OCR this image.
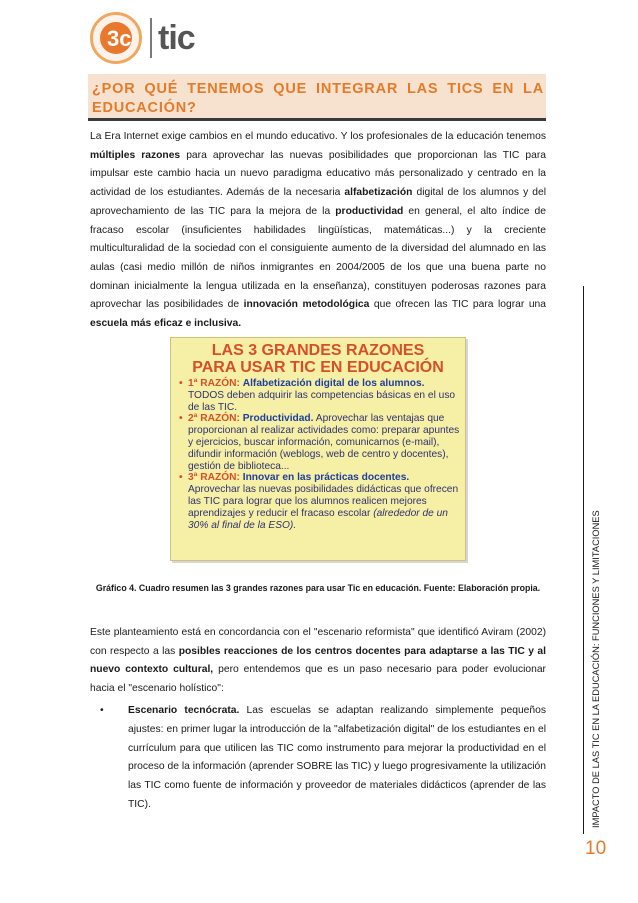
3c tic
¿POR QUÉ TENEMOS QUE INTEGRAR LAS TICS EN LA EDUCACIÓN?
La Era Internet exige cambios en el mundo educativo. Y los profesionales de la educación tenemos múltiples razones para aprovechar las nuevas posibilidades que proporcionan las TIC para impulsar este cambio hacia un nuevo paradigma educativo más personalizado y centrado en la actividad de los estudiantes. Además de la necesaria alfabetización digital de los alumnos y del aprovechamiento de las TIC para la mejora de la productividad en general, el alto índice de fracaso escolar (insuficientes habilidades lingüísticas, matemáticas...) y la creciente multiculturalidad de la sociedad con el consiguiente aumento de la diversidad del alumnado en las aulas (casi medio millón de niños inmigrantes en 2004/2005 de los que una buena parte no dominan inicialmente la lengua utilizada en la enseñanza), constituyen poderosas razones para aprovechar las posibilidades de innovación metodológica que ofrecen las TIC para lograr una escuela más eficaz e inclusiva.
LAS 3 GRANDES RAZONES
PARA USAR TIC EN EDUCACIÓN
• 1ª RAZÓN: Alfabetización digital de los alumnos. TODOS deben adquirir las competencias básicas en el uso de las TIC.
• 2ª RAZÓN: Productividad. Aprovechar las ventajas que proporcionan al realizar actividades como: preparar apuntes y ejercicios, buscar información, comunicarnos (e-mail), difundir información (weblogs, web de centro y docentes), gestión de biblioteca...
• 3ª RAZÓN: Innovar en las prácticas docentes. Aprovechar las nuevas posibilidades didácticas que ofrecen las TIC para lograr que los alumnos realicen mejores aprendizajes y reducir el fracaso escolar (alrededor de un 30% al final de la ESO).
Gráfico 4. Cuadro resumen las 3 grandes razones para usar Tic en educación. Fuente: Elaboración propia.
Este planteamiento está en concordancia con el "escenario reformista" que identificó Aviram (2002) con respecto a las posibles reacciones de los centros docentes para adaptarse a las TIC y al nuevo contexto cultural, pero entendemos que es un paso necesario para poder evolucionar hacia el "escenario holístico":
• Escenario tecnócrata. Las escuelas se adaptan realizando simplemente pequeños ajustes: en primer lugar la introducción de la "alfabetización digital" de los estudiantes en el currículum para que utilicen las TIC como instrumento para mejorar la productividad en el proceso de la información (aprender SOBRE las TIC) y luego progresivamente la utilización las TIC como fuente de información y proveedor de materiales didácticos (aprender de las TIC).	IMPACTO DE LAS TIC EN LA EDUCACIÓN: FUNCIONES Y LIMITACIONES
10
